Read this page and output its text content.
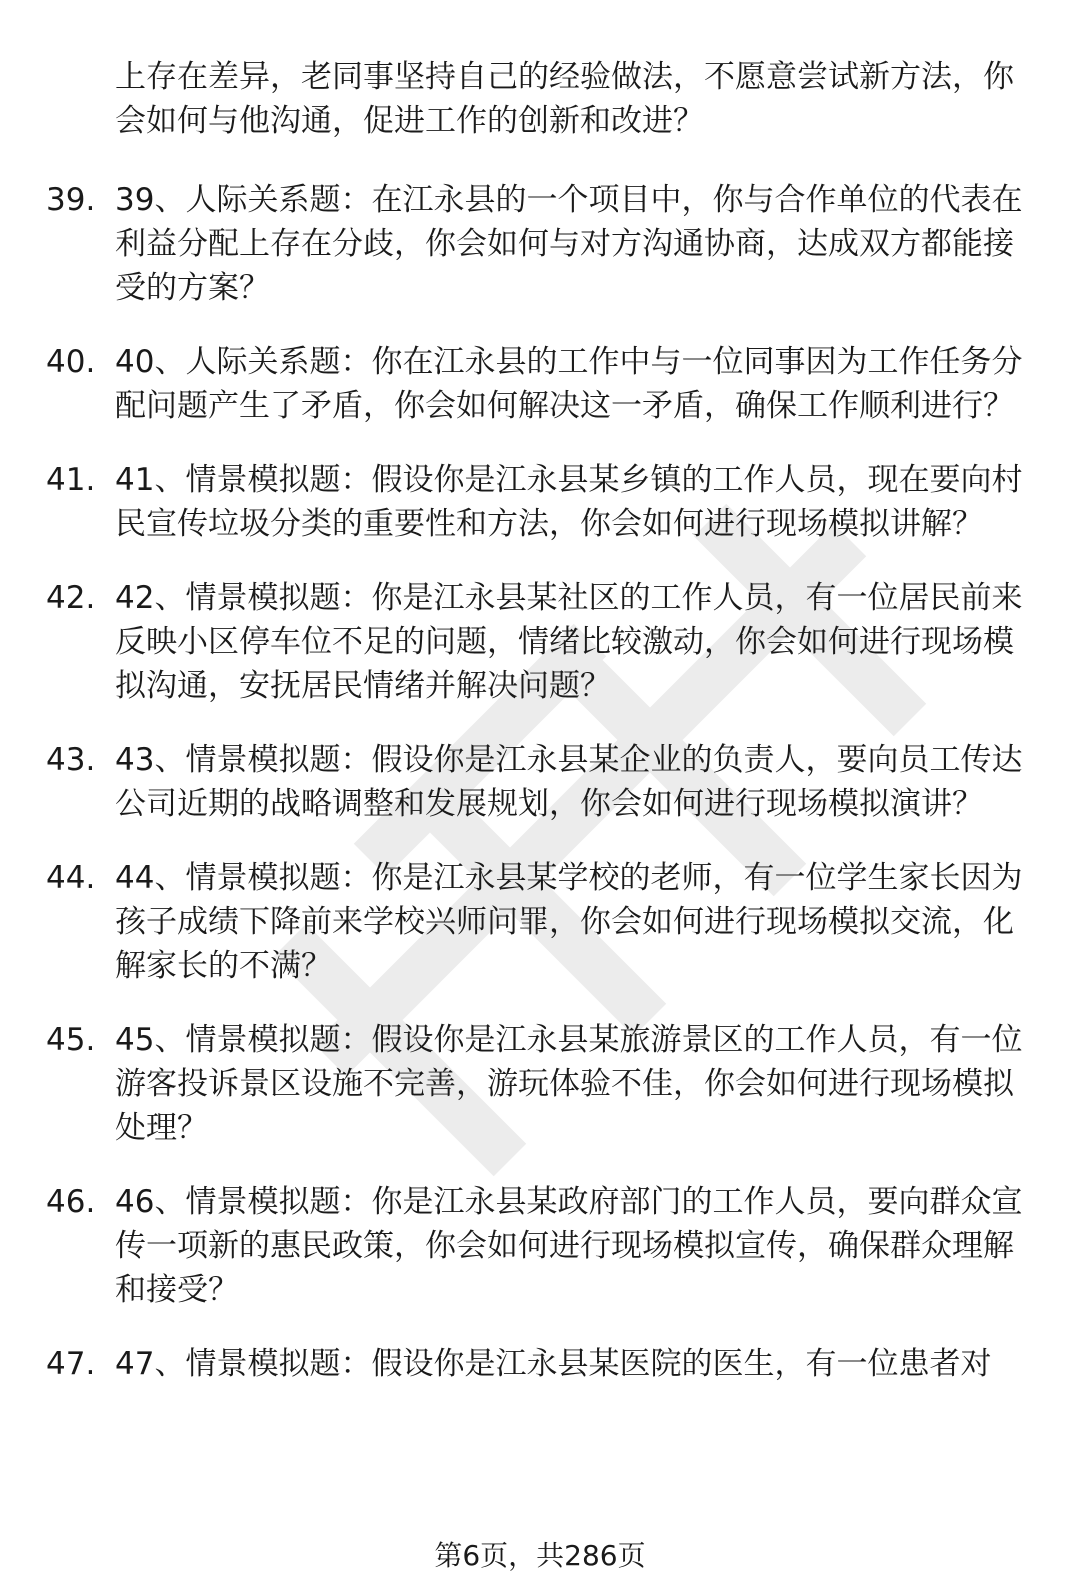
上存在差异，老同事坚持自己的经验做法，不愿意尝试新方法，你会如何与他沟通，促进工作的创新和改进？

39. 39、人际关系题：在江永县的一个项目中，你与合作单位的代表在利益分配上存在分歧，你会如何与对方沟通协商，达成双方都能接受的方案？
40. 40、人际关系题：你在江永县的工作中与一位同事因为工作任务分配问题产生了矛盾，你会如何解决这一矛盾，确保工作顺利进行？
41. 41、情景模拟题：假设你是江永县某乡镇的工作人员，现在要向村民宣传垃圾分类的重要性和方法，你会如何进行现场模拟讲解？
42. 42、情景模拟题：你是江永县某社区的工作人员，有一位居民前来反映小区停车位不足的问题，情绪比较激动，你会如何进行现场模拟沟通，安抚居民情绪并解决问题？
43. 43、情景模拟题：假设你是江永县某企业的负责人，要向员工传达公司近期的战略调整和发展规划，你会如何进行现场模拟演讲？
44. 44、情景模拟题：你是江永县某学校的老师，有一位学生家长因为孩子成绩下降前来学校兴师问罪，你会如何进行现场模拟交流，化解家长的不满？
45. 45、情景模拟题：假设你是江永县某旅游景区的工作人员，有一位游客投诉景区设施不完善，游玩体验不佳，你会如何进行现场模拟处理？
46. 46、情景模拟题：你是江永县某政府部门的工作人员，要向群众宣传一项新的惠民政策，你会如何进行现场模拟宣传，确保群众理解和接受？
47. 47、情景模拟题：假设你是江永县某医院的医生，有一位患者对
第6页，共286页
